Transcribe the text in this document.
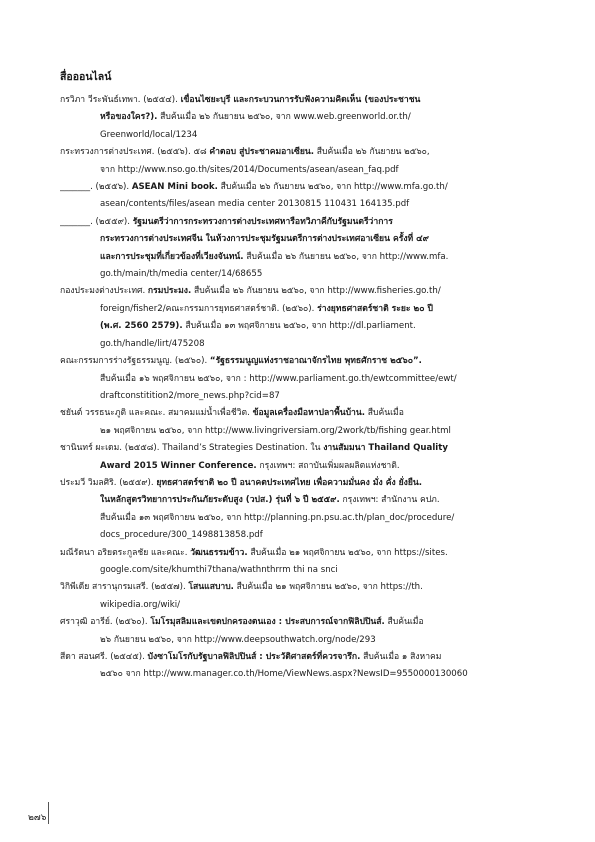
สื่อออนไลน์
กรวิภา วีระพันธ์เทพา. (๒๕๕๔). เขื่อนไซยะบุรี และกระบวนการรับฟังความคิดเห็น (ของประชาชน
หรือของใคร?). สืบค้นเมื่อ ๒๖ กันยายน ๒๕๖๐, จาก www.web.greenworld.or.th/
Greenworld/local/1234
กระทรวงการต่างประเทศ. (๒๕๕๖). ๕๘ คำตอบ สู่ประชาคมอาเซียน. สืบค้นเมื่อ ๒๖ กันยายน ๒๕๖๐,
จาก http://www.nso.go.th/sites/2014/Documents/asean/asean_faq.pdf
_______. (๒๕๕๖). ASEAN Mini book. สืบค้นเมื่อ ๒๖ กันยายน ๒๕๖๐, จาก http://www.mfa.go.th/
asean/contents/files/asean media center 20130815 110431 164135.pdf
_______. (๒๕๕๙). รัฐมนตรีว่าการกระทรวงการต่างประเทศหารือทวิภาคีกับรัฐมนตรีว่าการ
กระทรวงการต่างประเทศจีน ในห้วงการประชุมรัฐมนตรีการต่างประเทศอาเซียน ครั้งที่ ๔๙
และการประชุมที่เกี่ยวข้องที่เวียงจันทน์. สืบค้นเมื่อ ๒๖ กันยายน ๒๕๖๐, จาก http://www.mfa.
go.th/main/th/media center/14/68655
กองประมงต่างประเทศ. กรมประมง. สืบค้นเมื่อ ๒๖ กันยายน ๒๕๖๐, จาก http://www.fisheries.go.th/
foreign/fisher2/คณะกรรมการยุทธศาสตร์ชาติ. (๒๕๖๐). ร่างยุทธศาสตร์ชาติ ระยะ ๒๐ ปี
(พ.ศ. 2560 2579). สืบค้นเมื่อ ๑๓ พฤศจิกายน ๒๕๖๐, จาก http://dl.parliament.
go.th/handle/lirt/475208
คณะกรรมการร่างรัฐธรรมนูญ. (๒๕๖๐). “รัฐธรรมนูญแห่งราชอาณาจักรไทย พุทธศักราช ๒๕๖๐”.
สืบค้นเมื่อ ๑๖ พฤศจิกายน ๒๕๖๐, จาก : http://www.parliament.go.th/ewtcommittee/ewt/
draftconstitition2/more_news.php?cid=87
ชยันต์ วรรธนะภูติ และคณะ. สมาคมแม่น้ำเพื่อชีวิต. ข้อมูลเครื่องมือหาปลาพื้นบ้าน. สืบค้นเมื่อ
๒๑ พฤศจิกายน ๒๕๖๐, จาก http://www.livingriversiam.org/2work/tb/fishing gear.html
ชานินทร์ ผะเดม. (๒๕๕๘). Thailand’s Strategies Destination. ใน งานสัมมนา Thailand Quality
Award 2015 Winner Conference. กรุงเทพฯ: สถาบันเพิ่มผลผลิตแห่งชาติ.
ประมวี วิมลศิริ. (๒๕๕๙). ยุทธศาสตร์ชาติ ๒๐ ปี อนาคตประเทศไทย เพื่อความมั่นคง มั่ง คั่ง ยั่งยืน.
ในหลักสูตรวิทยาการประกันภัยระดับสูง (วปส.) รุ่นที่ ๖ ปี ๒๕๕๙. กรุงเทพฯ: สำนักงาน คปภ.
สืบค้นเมื่อ ๑๓ พฤศจิกายน ๒๕๖๐, จาก http://planning.pn.psu.ac.th/plan_doc/procedure/
docs_procedure/300_1498813858.pdf
มณีรัตนา อริยตระกูลชัย และคณะ. วัฒนธรรมข้าว. สืบค้นเมื่อ ๒๑ พฤศจิกายน ๒๕๖๐, จาก https://sites.
google.com/site/khumthi7thana/wathnthrrm thi na snci
วิกิพีเดีย สารานุกรมเสรี. (๒๕๕๗). โสนแสบาบ. สืบค้นเมื่อ ๒๑ พฤศจิกายน ๒๕๖๐, จาก https://th.
wikipedia.org/wiki/
ศราวุฒิ อารีย์. (๒๕๖๐). โมโรมุสลิมและเขตปกครองตนเอง : ประสบการณ์จากฟิลิปปินส์. สืบค้นเมื่อ
๒๖ กันยายน ๒๕๖๐, จาก http://www.deepsouthwatch.org/node/293
สีดา สอนศรี. (๒๕๔๕). บังซาโมโรกับรัฐบาลฟิลิปปินส์ : ประวัติศาสตร์ที่ควรจารึก. สืบค้นเมื่อ ๑ สิงหาคม
๒๕๖๐ จาก http://www.manager.co.th/Home/ViewNews.aspx?NewsID=9550000130060
๒๗๖
